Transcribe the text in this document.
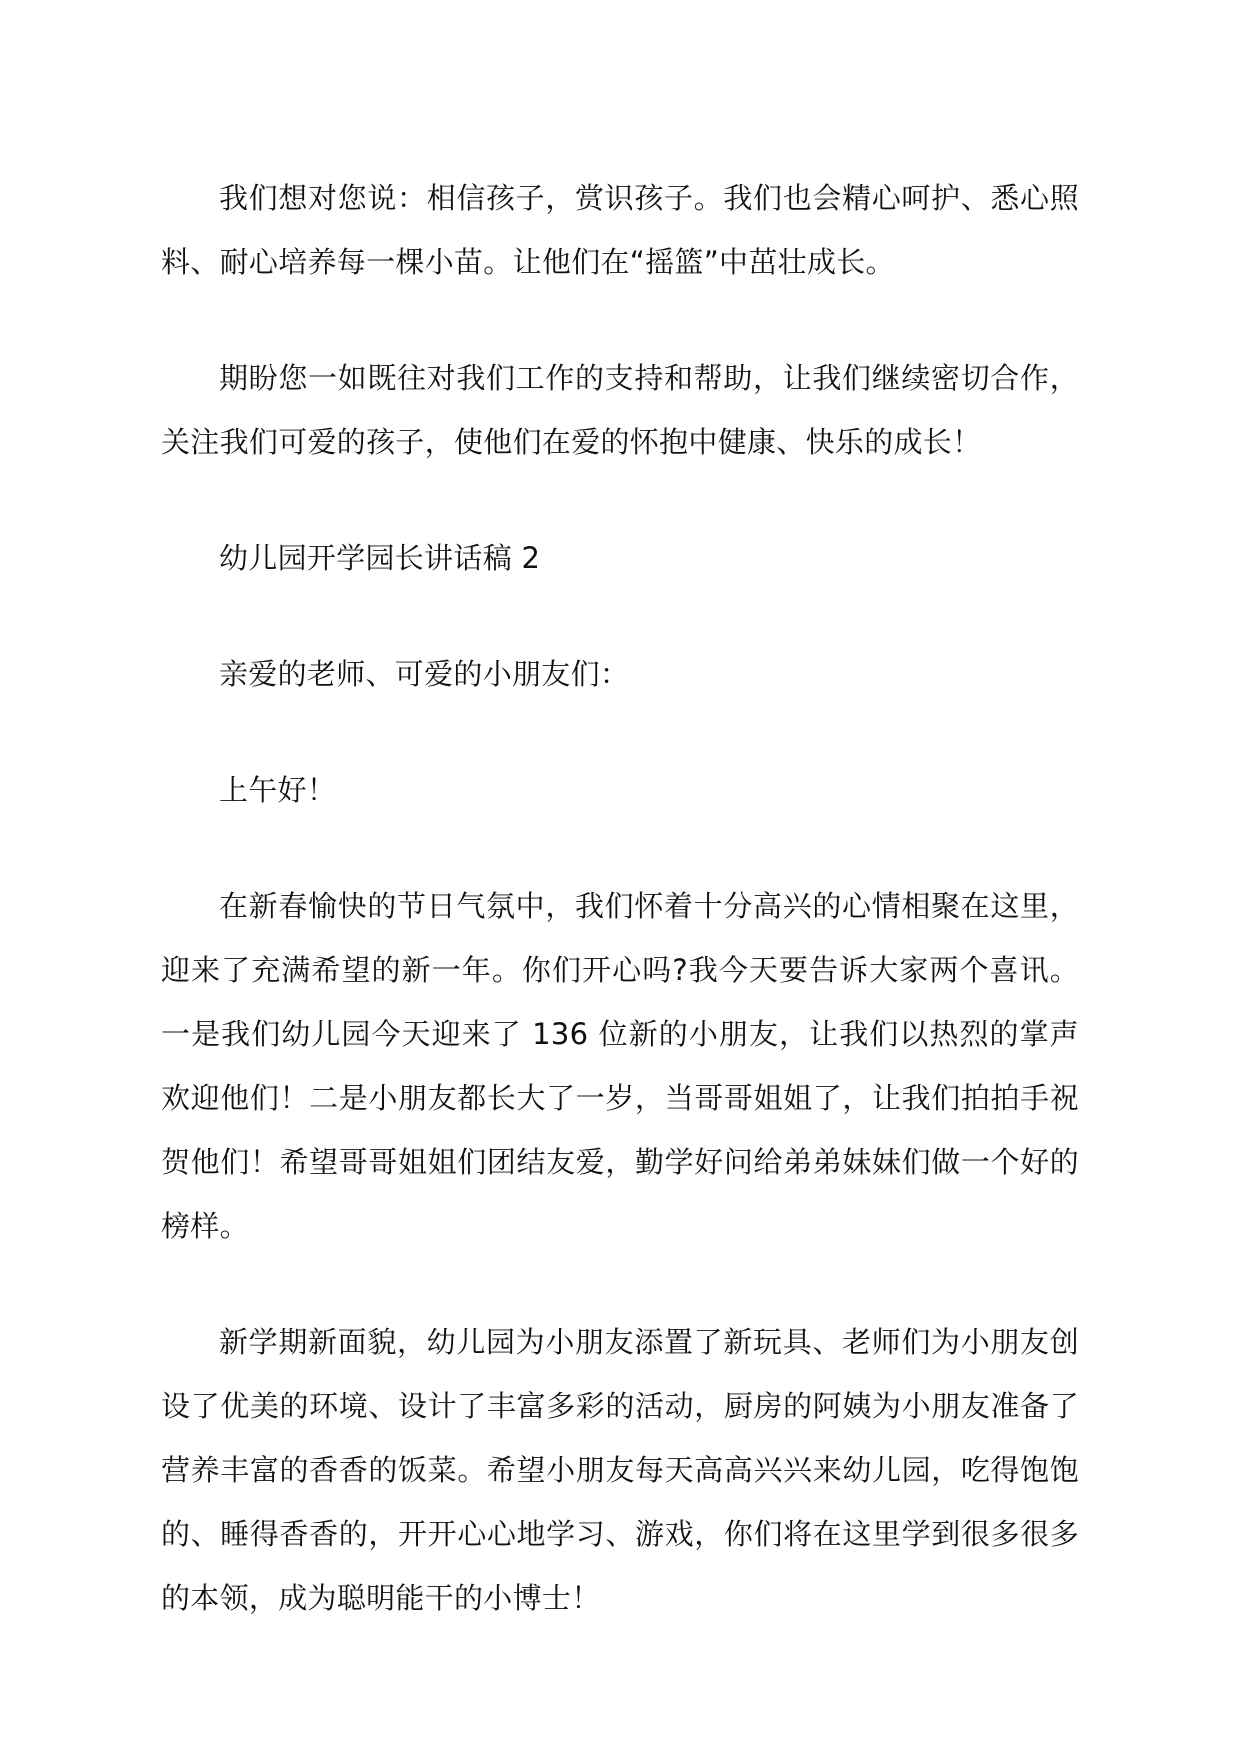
我们想对您说：相信孩子，赏识孩子。我们也会精心呵护、悉心照料、耐心培养每一棵小苗。让他们在“摇篮”中茁壮成长。

期盼您一如既往对我们工作的支持和帮助，让我们继续密切合作，关注我们可爱的孩子，使他们在爱的怀抱中健康、快乐的成长！

幼儿园开学园长讲话稿 2

亲爱的老师、可爱的小朋友们：

上午好！

在新春愉快的节日气氛中，我们怀着十分高兴的心情相聚在这里，迎来了充满希望的新一年。你们开心吗?我今天要告诉大家两个喜讯。一是我们幼儿园今天迎来了 136 位新的小朋友，让我们以热烈的掌声欢迎他们！二是小朋友都长大了一岁，当哥哥姐姐了，让我们拍拍手祝贺他们！希望哥哥姐姐们团结友爱，勤学好问给弟弟妹妹们做一个好的榜样。

新学期新面貌，幼儿园为小朋友添置了新玩具、老师们为小朋友创设了优美的环境、设计了丰富多彩的活动，厨房的阿姨为小朋友准备了营养丰富的香香的饭菜。希望小朋友每天高高兴兴来幼儿园，吃得饱饱的、睡得香香的，开开心心地学习、游戏，你们将在这里学到很多很多的本领，成为聪明能干的小博士！
